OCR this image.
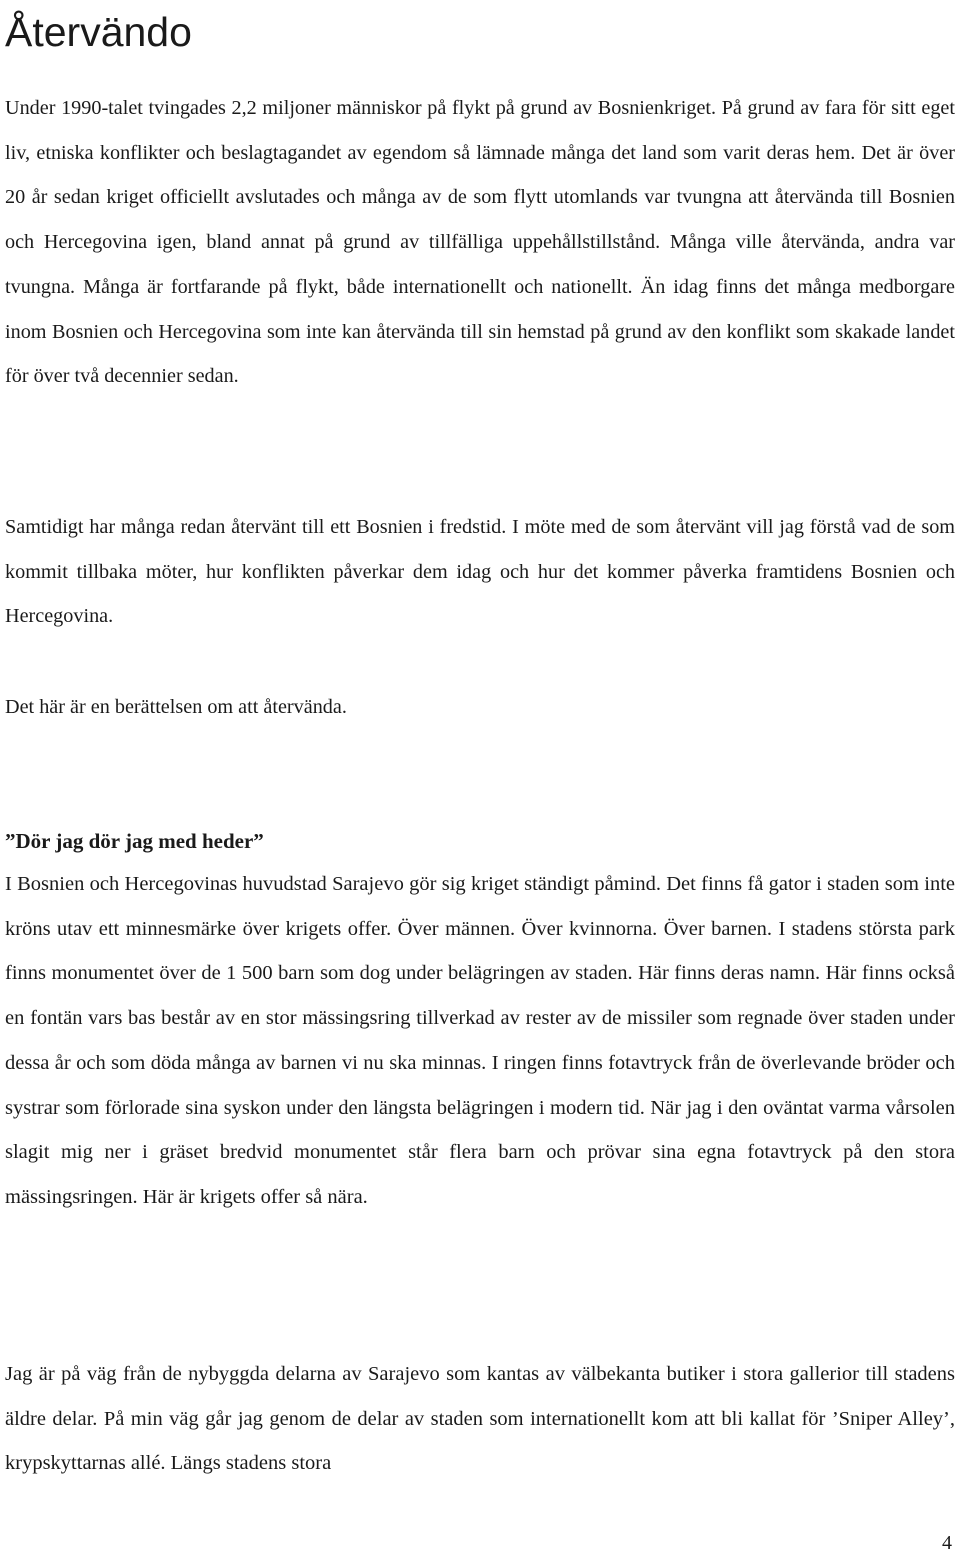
Återvändo

Under 1990-talet tvingades 2,2 miljoner människor på flykt på grund av Bosnienkriget. På grund av fara för sitt eget liv, etniska konflikter och beslagtagandet av egendom så lämnade många det land som varit deras hem. Det är över 20 år sedan kriget officiellt avslutades och många av de som flytt utomlands var tvungna att återvända till Bosnien och Hercegovina igen, bland annat på grund av tillfälliga uppehållstillstånd. Många ville återvända, andra var tvungna. Många är fortfarande på flykt, både internationellt och nationellt. Än idag finns det många medborgare inom Bosnien och Hercegovina som inte kan återvända till sin hemstad på grund av den konflikt som skakade landet för över två decennier sedan.

Samtidigt har många redan återvänt till ett Bosnien i fredstid. I möte med de som återvänt vill jag förstå vad de som kommit tillbaka möter, hur konflikten påverkar dem idag och hur det kommer påverka framtidens Bosnien och Hercegovina.

Det här är en berättelsen om att återvända.

”Dör jag dör jag med heder”

I Bosnien och Hercegovinas huvudstad Sarajevo gör sig kriget ständigt påmind. Det finns få gator i staden som inte kröns utav ett minnesmärke över krigets offer. Över männen. Över kvinnorna. Över barnen. I stadens största park finns monumentet över de 1 500 barn som dog under belägringen av staden. Här finns deras namn. Här finns också en fontän vars bas består av en stor mässingsring tillverkad av rester av de missiler som regnade över staden under dessa år och som döda många av barnen vi nu ska minnas. I ringen finns fotavtryck från de överlevande bröder och systrar som förlorade sina syskon under den längsta belägringen i modern tid. När jag i den oväntat varma vårsolen slagit mig ner i gräset bredvid monumentet står flera barn och prövar sina egna fotavtryck på den stora mässingsringen. Här är krigets offer så nära.

Jag är på väg från de nybyggda delarna av Sarajevo som kantas av välbekanta butiker i stora gallerior till stadens äldre delar. På min väg går jag genom de delar av staden som internationellt kom att bli kallat för ’Sniper Alley’, krypskyttarnas allé. Längs stadens stora

4
